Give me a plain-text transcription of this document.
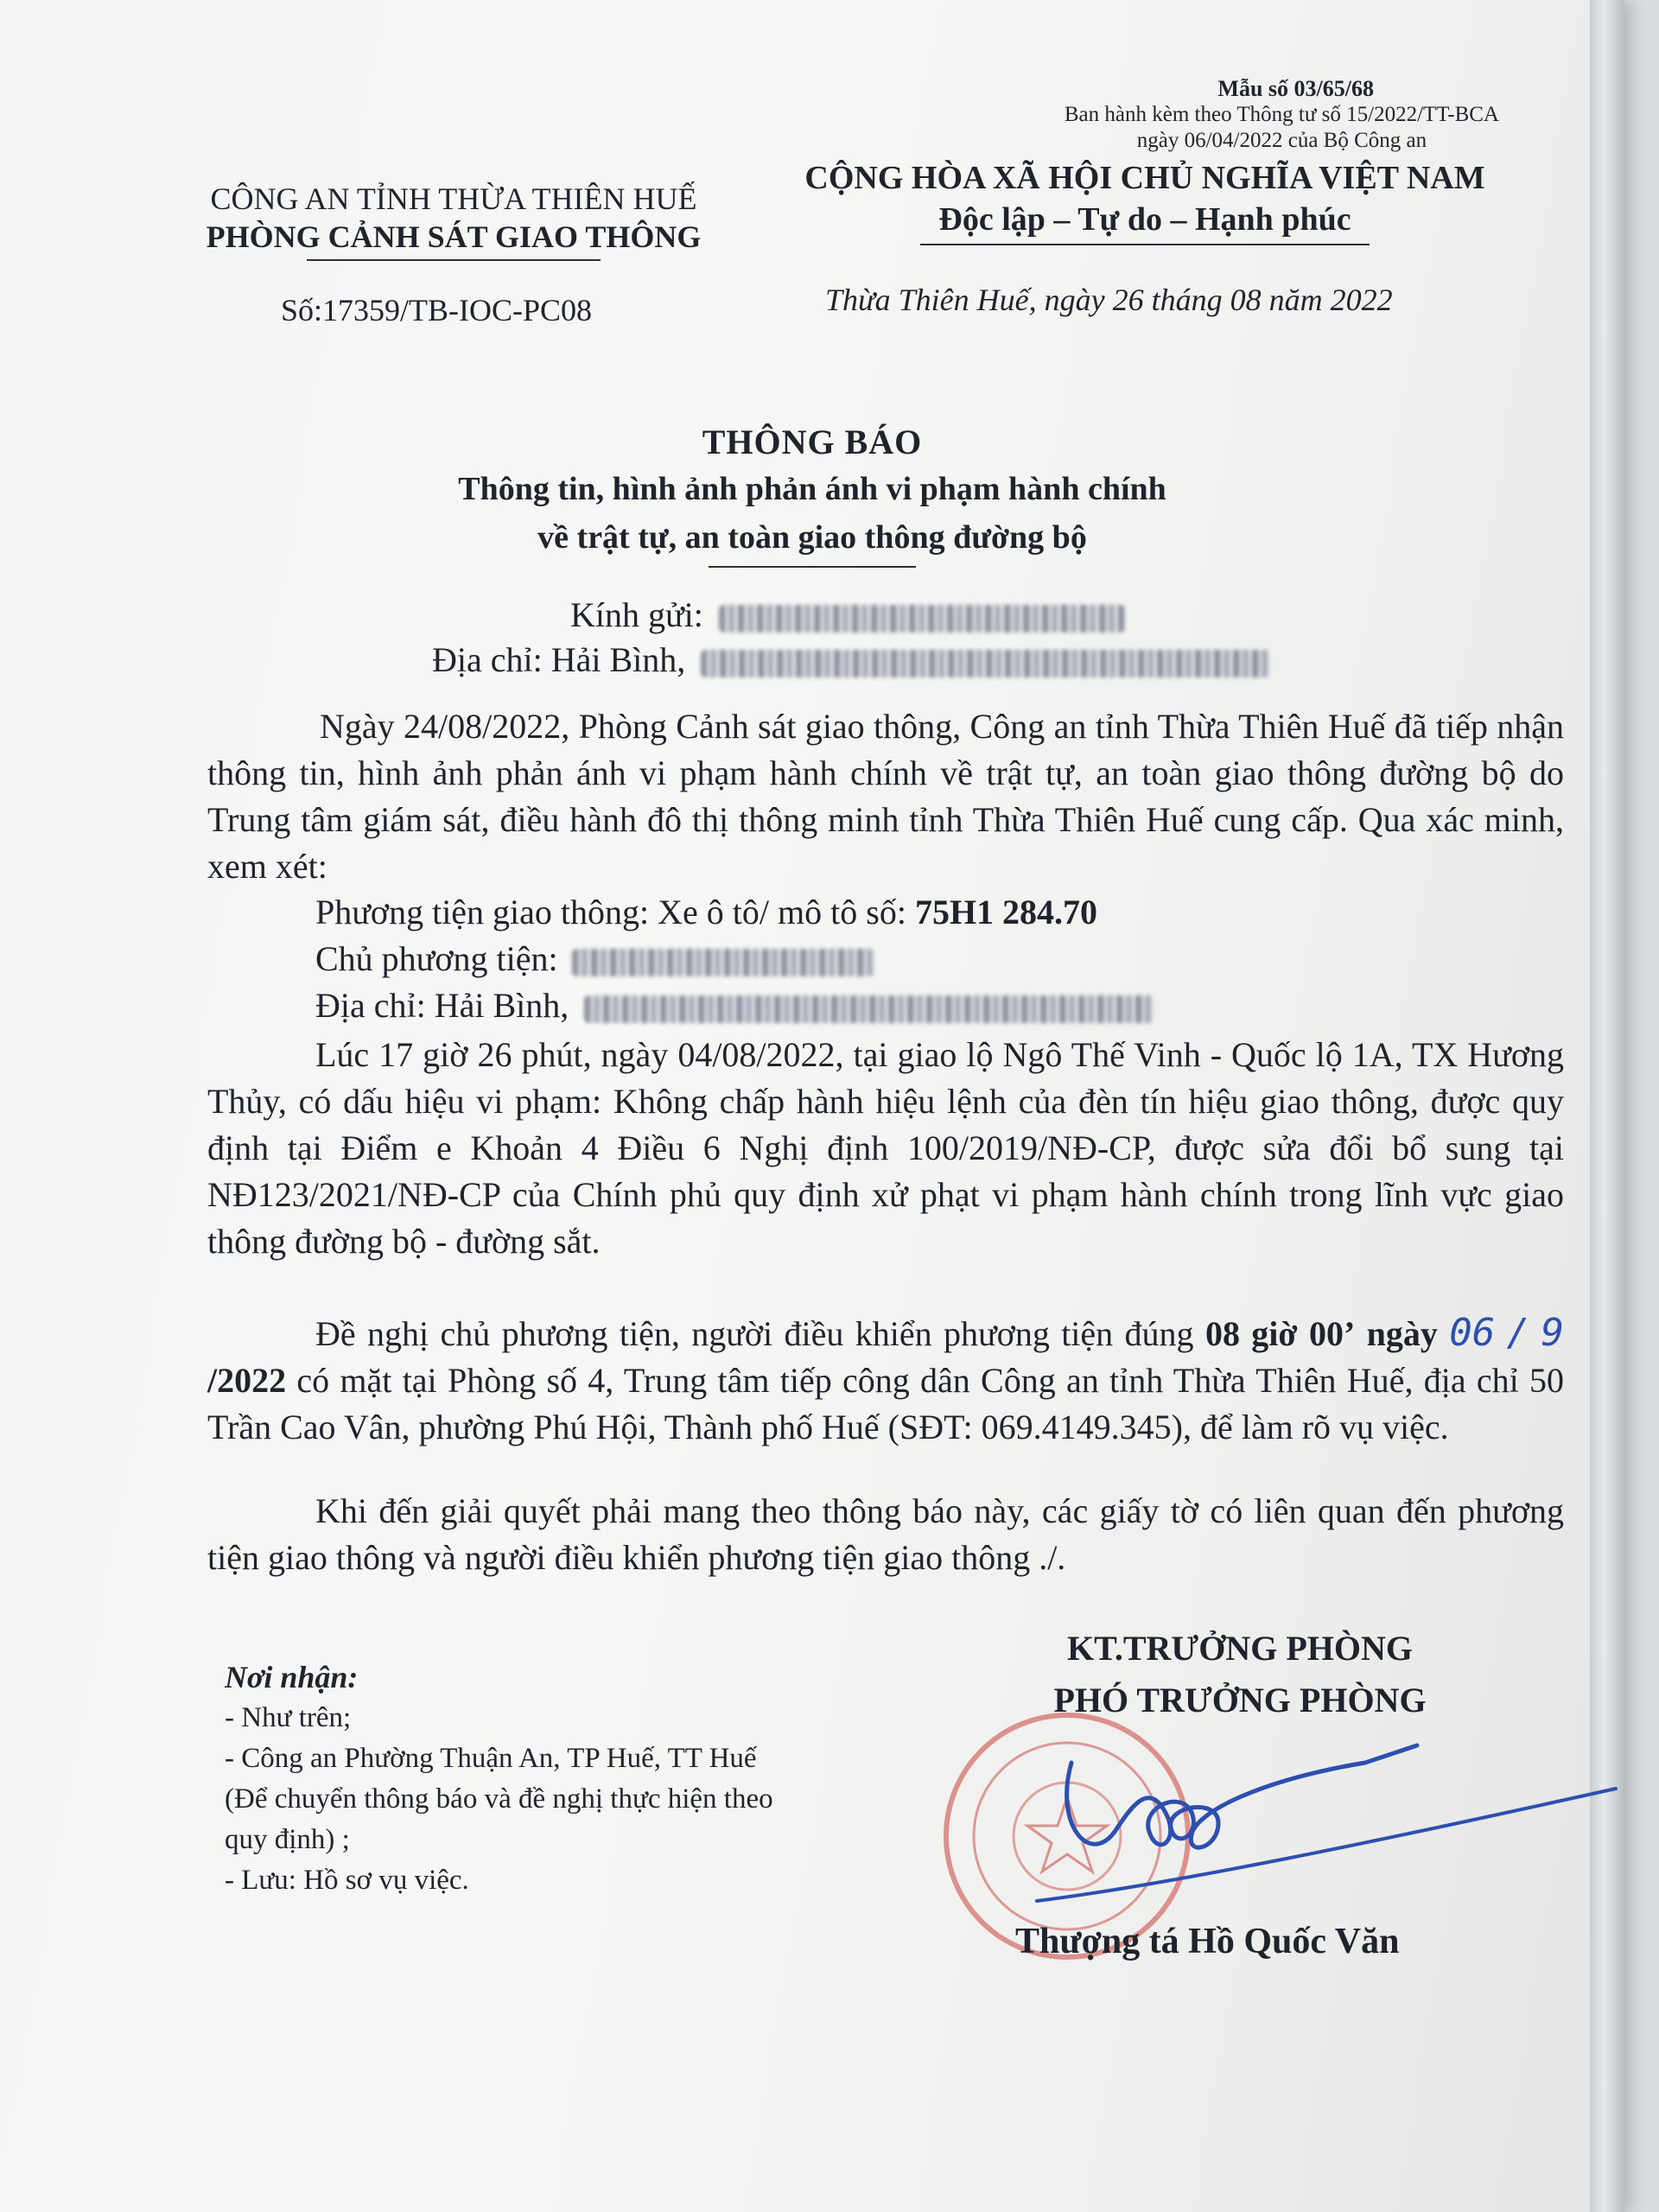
Mẫu số 03/65/68
Ban hành kèm theo Thông tư số 15/2022/TT-BCA
ngày 06/04/2022 của Bộ Công an
CÔNG AN TỈNH THỪA THIÊN HUẾ
PHÒNG CẢNH SÁT GIAO THÔNG
CỘNG HÒA XÃ HỘI CHỦ NGHĨA VIỆT NAM
Độc lập – Tự do – Hạnh phúc
Số:17359/TB-IOC-PC08	Thừa Thiên Huế, ngày 26 tháng 08 năm 2022
THÔNG BÁO
Thông tin, hình ảnh phản ánh vi phạm hành chính
về trật tự, an toàn giao thông đường bộ
Kính gửi:
Địa chỉ: Hải Bình,
Ngày 24/08/2022, Phòng Cảnh sát giao thông, Công an tỉnh Thừa Thiên Huế đã tiếp nhận thông tin, hình ảnh phản ánh vi phạm hành chính về trật tự, an toàn giao thông đường bộ do Trung tâm giám sát, điều hành đô thị thông minh tỉnh Thừa Thiên Huế cung cấp. Qua xác minh, xem xét:
Phương tiện giao thông: Xe ô tô/ mô tô số: 75H1 284.70
Chủ phương tiện:
Địa chỉ: Hải Bình,
Lúc 17 giờ 26 phút, ngày 04/08/2022, tại giao lộ Ngô Thế Vinh - Quốc lộ 1A, TX Hương Thủy, có dấu hiệu vi phạm: Không chấp hành hiệu lệnh của đèn tín hiệu giao thông, được quy định tại Điểm e Khoản 4 Điều 6 Nghị định 100/2019/NĐ-CP, được sửa đổi bổ sung tại NĐ123/2021/NĐ-CP của Chính phủ quy định xử phạt vi phạm hành chính trong lĩnh vực giao thông đường bộ - đường sắt.
Đề nghị chủ phương tiện, người điều khiển phương tiện đúng 08 giờ 00’ ngày 06 / 9 /2022 có mặt tại Phòng số 4, Trung tâm tiếp công dân Công an tỉnh Thừa Thiên Huế, địa chỉ 50 Trần Cao Vân, phường Phú Hội, Thành phố Huế (SĐT: 069.4149.345), để làm rõ vụ việc.
Khi đến giải quyết phải mang theo thông báo này, các giấy tờ có liên quan đến phương tiện giao thông và người điều khiển phương tiện giao thông ./.
Nơi nhận:
- Như trên;
- Công an Phường Thuận An, TP Huế, TT Huế
(Để chuyển thông báo và đề nghị thực hiện theo
quy định) ;
- Lưu: Hồ sơ vụ việc.
KT.TRƯỞNG PHÒNG
PHÓ TRƯỞNG PHÒNG
Thượng tá Hồ Quốc Văn
